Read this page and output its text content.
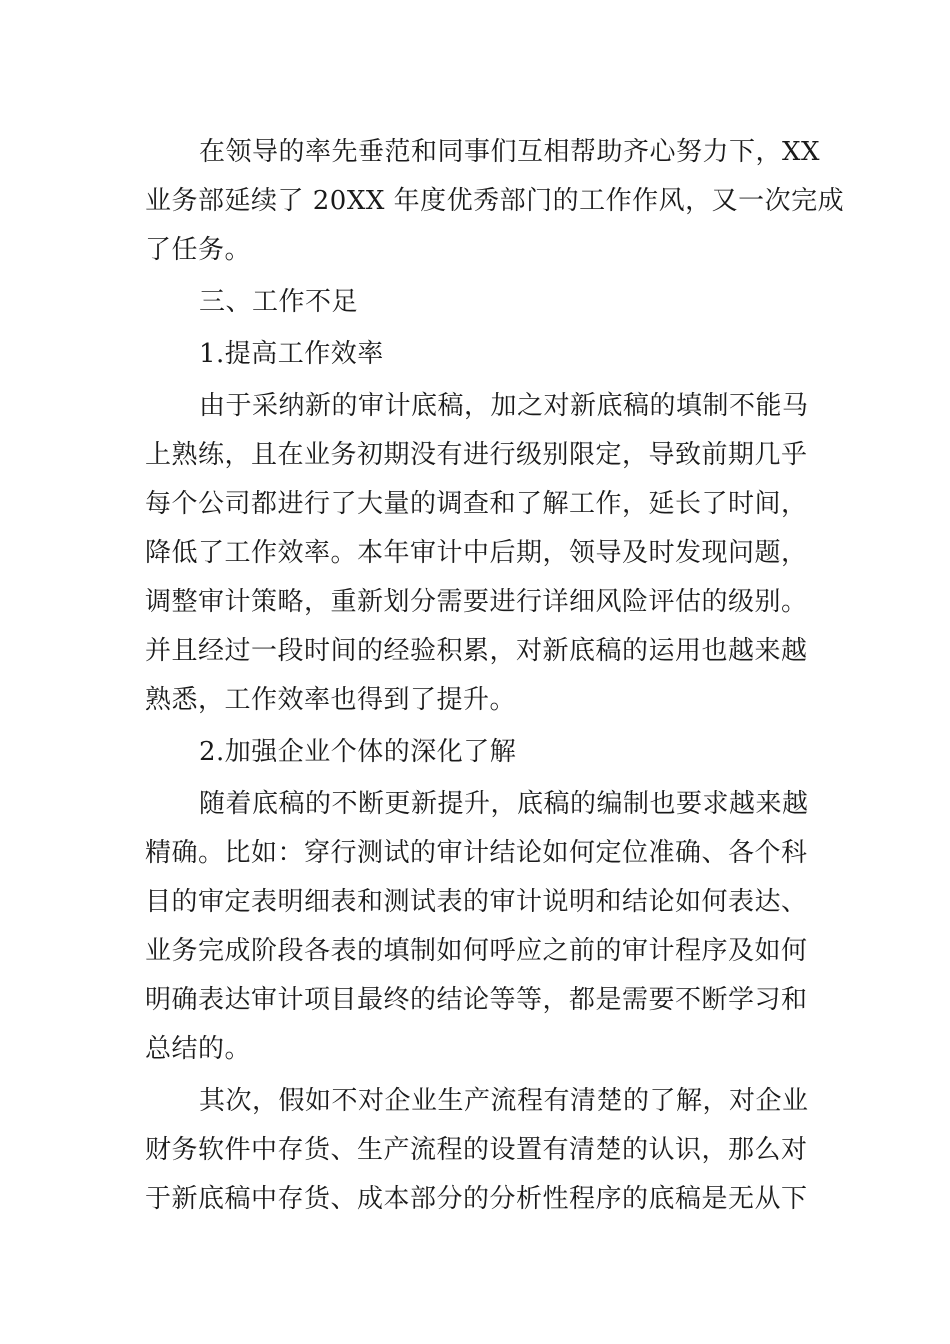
在领导的率先垂范和同事们互相帮助齐心努力下，XX
业务部延续了 20XX 年度优秀部门的工作作风，又一次完成
了任务。
三、工作不足
1.提高工作效率
由于采纳新的审计底稿，加之对新底稿的填制不能马
上熟练，且在业务初期没有进行级别限定，导致前期几乎
每个公司都进行了大量的调查和了解工作，延长了时间，
降低了工作效率。本年审计中后期，领导及时发现问题，
调整审计策略，重新划分需要进行详细风险评估的级别。
并且经过一段时间的经验积累，对新底稿的运用也越来越
熟悉，工作效率也得到了提升。
2.加强企业个体的深化了解
随着底稿的不断更新提升，底稿的编制也要求越来越
精确。比如：穿行测试的审计结论如何定位准确、各个科
目的审定表明细表和测试表的审计说明和结论如何表达、
业务完成阶段各表的填制如何呼应之前的审计程序及如何
明确表达审计项目最终的结论等等，都是需要不断学习和
总结的。
其次，假如不对企业生产流程有清楚的了解，对企业
财务软件中存货、生产流程的设置有清楚的认识，那么对
于新底稿中存货、成本部分的分析性程序的底稿是无从下
